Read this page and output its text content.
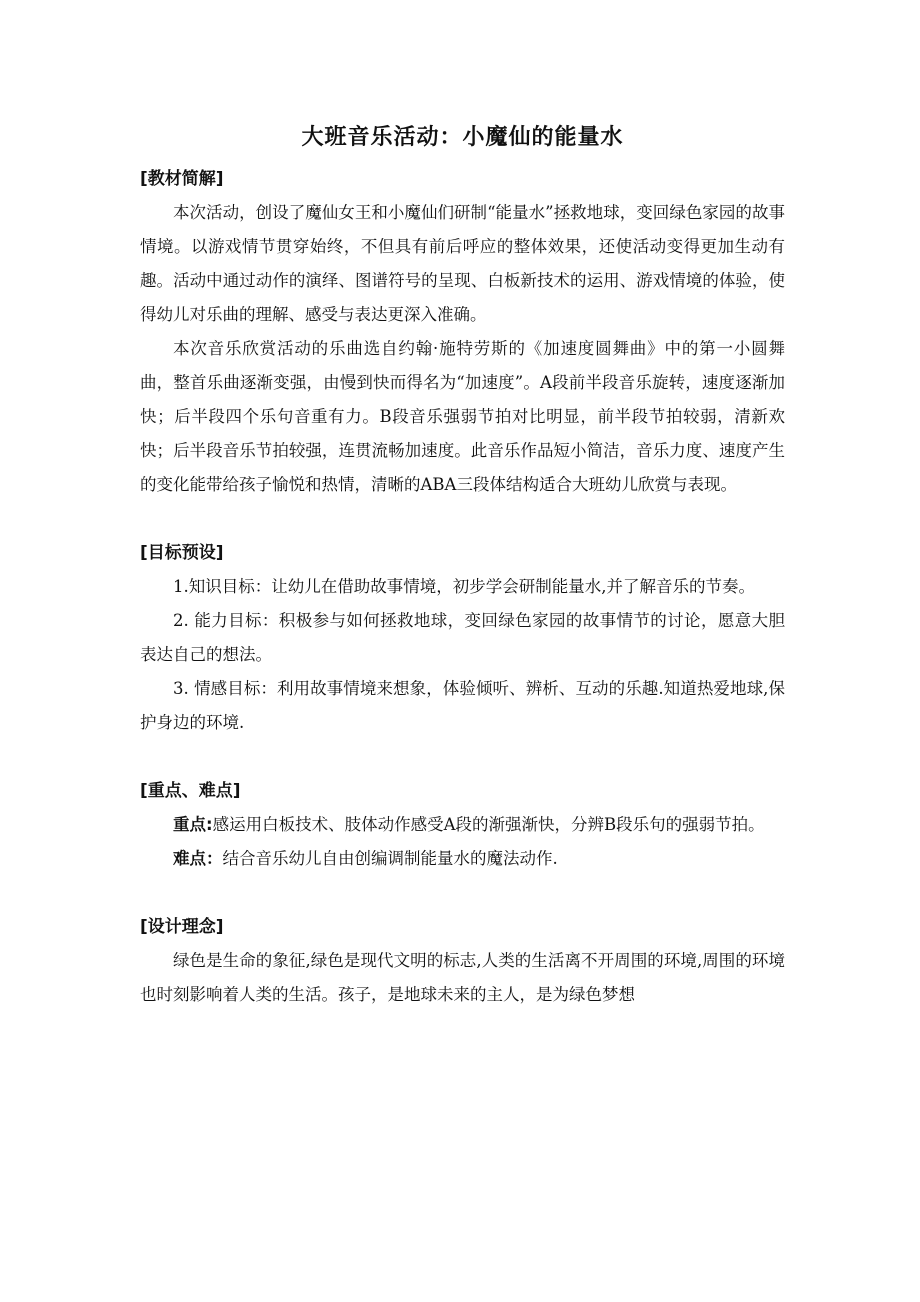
大班音乐活动：小魔仙的能量水

[教材简解]

本次活动，创设了魔仙女王和小魔仙们研制“能量水”拯救地球，变回绿色家园的故事情境。以游戏情节贯穿始终，不但具有前后呼应的整体效果，还使活动变得更加生动有趣。活动中通过动作的演绎、图谱符号的呈现、白板新技术的运用、游戏情境的体验，使得幼儿对乐曲的理解、感受与表达更深入准确。

本次音乐欣赏活动的乐曲选自约翰·施特劳斯的《加速度圆舞曲》中的第一小圆舞曲，整首乐曲逐渐变强，由慢到快而得名为“加速度”。A段前半段音乐旋转，速度逐渐加快；后半段四个乐句音重有力。B段音乐强弱节拍对比明显，前半段节拍较弱，清新欢快；后半段音乐节拍较强，连贯流畅加速度。此音乐作品短小简洁，音乐力度、速度产生的变化能带给孩子愉悦和热情，清晰的ABA三段体结构适合大班幼儿欣赏与表现。

[目标预设]

1.知识目标：让幼儿在借助故事情境，初步学会研制能量水,并了解音乐的节奏。

2. 能力目标：积极参与如何拯救地球，变回绿色家园的故事情节的讨论，愿意大胆表达自己的想法。

3. 情感目标：利用故事情境来想象，体验倾听、辨析、互动的乐趣.知道热爱地球,保护身边的环境.

[重点、难点]

重点:感运用白板技术、肢体动作感受A段的渐强渐快，分辨B段乐句的强弱节拍。

难点：结合音乐幼儿自由创编调制能量水的魔法动作.

[设计理念]

绿色是生命的象征,绿色是现代文明的标志,人类的生活离不开周围的环境,周围的环境也时刻影响着人类的生活。孩子，是地球未来的主人，是为绿色梦想
